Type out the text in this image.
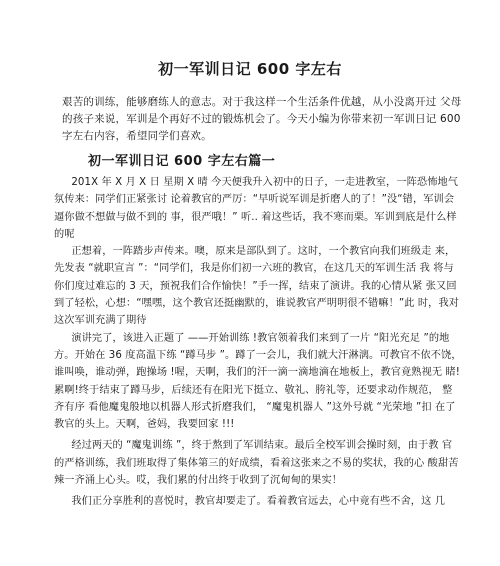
初一军训日记 600 字左右

艰苦的训练，能够磨练人的意志。对于我这样一个生活条件优越，从小没离开过 父母的孩子来说，军训是个再好不过的锻炼机会了。今天小编为你带来初一军训日记 600 字左右内容，希望同学们喜欢。

初一军训日记 600 字左右篇一

201X 年 X 月 X 日 星期 X 晴 今天便我升入初中的日子，一走进教室，一阵恐怖地气氛传来：同学们正紧张讨 论着教官的严厉：“早听说军训是折磨人的了！”没“错，军训会逼你做不想做与做不到的 事，很严哦！” 听.. 着这些话，我不寒而栗。军训到底是什么样的呢

正想着，一阵踏步声传来。噢，原来是部队到了。这时，一个教官向我们班级走 来，先发表 “就职宣言 ”：“同学们，我是你们初一六班的教官，在这几天的军训生活 我 将与你们度过难忘的 3 天，预祝我们合作愉快！”手一挥，结束了演讲。我的心情从紧 张又回到了轻松，心想：“嘿嘿，这个教官还挺幽默的，谁说教官严明明很不错嘛！”此 时，我对这次军训充满了期待

演讲完了，该进入正题了 ——开始训练 !教官领着我们来到了一片 “阳光充足 ”的地 方。开始在 36 度高温下练 “蹲马步 ”。蹲了一会儿，我们就大汗淋漓。可教官不依不饶，谁叫唤，谁动弹，跑操场 !喔，天啊，我们的汗一滴一滴地滴在地板上，教官竟熟视无 睹!累啊!终于结束了蹲马步，后续还有在阳光下挺立、敬礼、胯礼等，还要求动作规范， 整齐有序 看他魔鬼般地以机器人形式折磨我们， “魔鬼机器人 ”这外号就 “光荣地 ”扣 在了教官的头上。天啊，爸妈，我要回家 !!!

经过两天的 “魔鬼训练 ”，终于熬到了军训结束。最后全校军训会操时刻，由于教 官的严格训练，我们班取得了集体第三的好成绩，看着这张来之不易的奖状，我的心 酸甜苦辣一齐涌上心头。哎，我们累的付出终于收到了沉甸甸的果实！

我们正分享胜利的喜悦时，教官却要走了。看着教官远去，心中竟有些不舍，这 几
